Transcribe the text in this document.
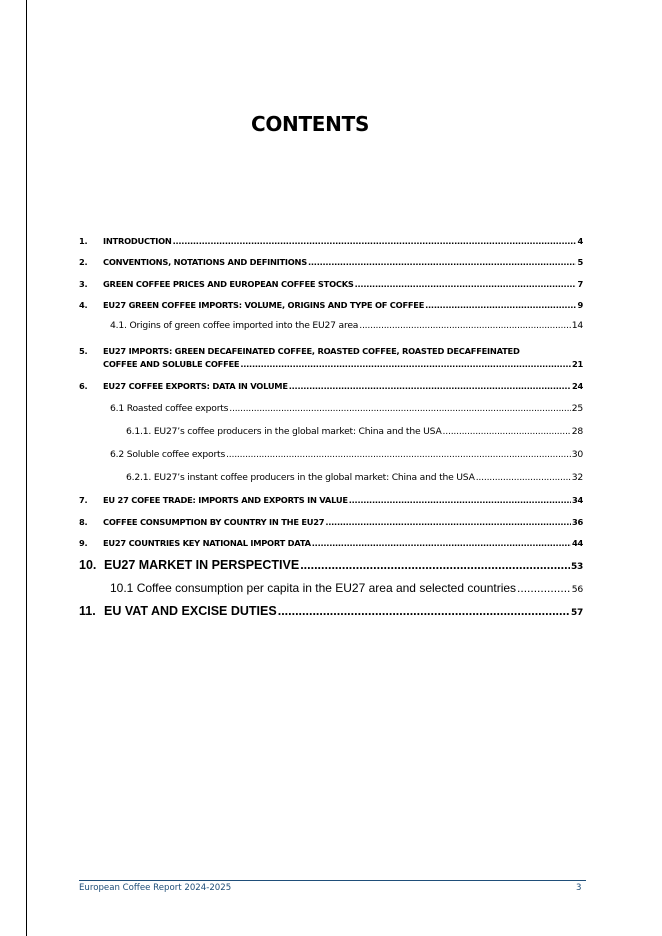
CONTENTS
1.	INTRODUCTION .....	4
2.	CONVENTIONS, NOTATIONS AND DEFINITIONS .....	5
3.	GREEN COFFEE PRICES AND EUROPEAN COFFEE STOCKS .....	7
4.	EU27 GREEN COFFEE IMPORTS: VOLUME, ORIGINS AND TYPE OF COFFEE .....	9
4.1. Origins of green coffee imported into the EU27 area .....	14
5.	EU27 IMPORTS: GREEN DECAFEINATED COFFEE, ROASTED COFFEE, ROASTED DECAFFEINATED
COFFEE AND SOLUBLE COFFEE .....	21
6.	EU27 COFFEE EXPORTS: DATA IN VOLUME .....	24
6.1 Roasted coffee exports .....	25
6.1.1. EU27’s coffee producers in the global market: China and the USA .....	28
6.2 Soluble coffee exports .....	30
6.2.1. EU27’s instant coffee producers in the global market: China and the USA .....	32
7.	EU 27 COFEE TRADE: IMPORTS AND EXPORTS IN VALUE .....	34
8.	COFFEE CONSUMPTION BY COUNTRY IN THE EU27 .....	36
9.	EU27 COUNTRIES KEY NATIONAL IMPORT DATA .....	44
10. EU27 MARKET IN PERSPECTIVE .....	53
10.1 Coffee consumption per capita in the EU27 area and selected countries .....	56
11. EU VAT AND EXCISE DUTIES .....	57
European Coffee Report 2024-2025	3
